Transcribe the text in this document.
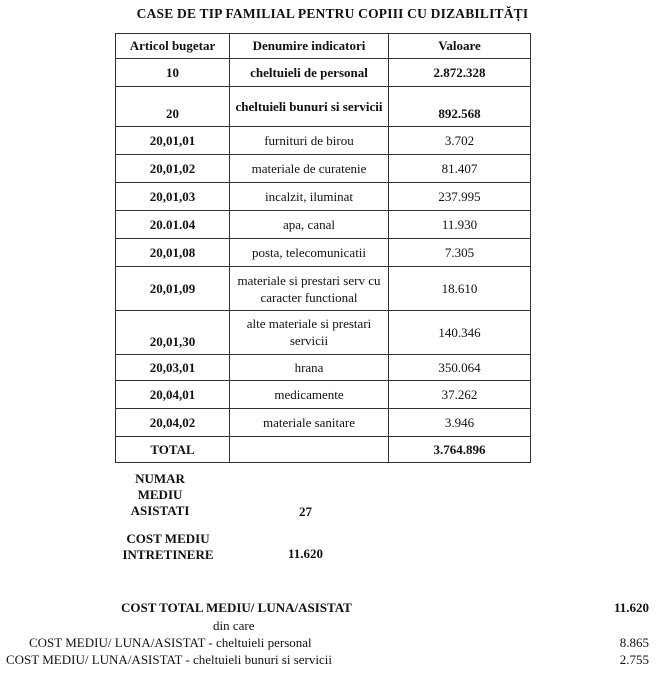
CASE DE TIP FAMILIAL PENTRU COPIII CU DIZABILITĂȚI
Articol bugetar	Denumire indicatori	Valoare
10	cheltuieli de personal	2.872.328
20	cheltuieli bunuri si servicii	892.568
20,01,01	furnituri de birou	3.702
20,01,02	materiale de curatenie	81.407
20,01,03	incalzit, iluminat	237.995
20.01.04	apa, canal	11.930
20,01,08	posta, telecomunicatii	7.305
20,01,09	materiale si prestari serv cu caracter functional	18.610
20,01,30	alte materiale si prestari servicii	140.346
20,03,01	hrana	350.064
20,04,01	medicamente	37.262
20,04,02	materiale sanitare	3.946
TOTAL		3.764.896
NUMAR MEDIU ASISTATI	27
COST MEDIU INTRETINERE	11.620
COST TOTAL MEDIU/ LUNA/ASISTAT	11.620
din care
COST MEDIU/ LUNA/ASISTAT - cheltuieli personal	8.865
COST MEDIU/ LUNA/ASISTAT - cheltuieli bunuri si servicii	2.755
